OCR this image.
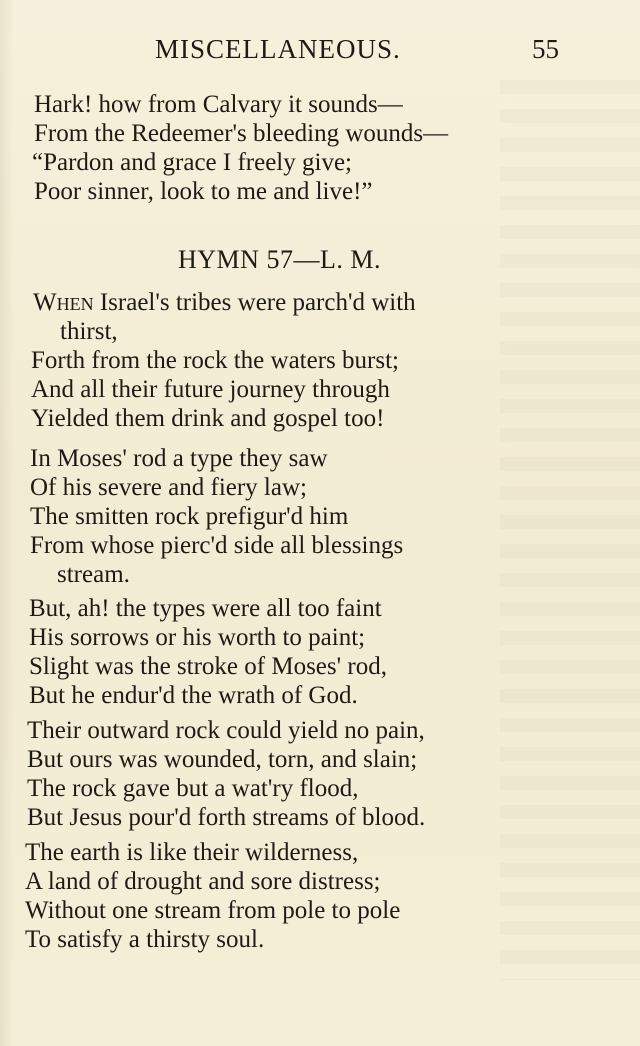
MISCELLANEOUS.	55
Hark! how from Calvary it sounds—
From the Redeemer's bleeding wounds—
“Pardon and grace I freely give;
Poor sinner, look to me and live!”
HYMN 57—L. M.
When Israel's tribes were parch'd with
thirst,
Forth from the rock the waters burst;
And all their future journey through
Yielded them drink and gospel too!
In Moses' rod a type they saw
Of his severe and fiery law;
The smitten rock prefigur'd him
From whose pierc'd side all blessings
stream.
But, ah! the types were all too faint
His sorrows or his worth to paint;
Slight was the stroke of Moses' rod,
But he endur'd the wrath of God.
Their outward rock could yield no pain,
But ours was wounded, torn, and slain;
The rock gave but a wat'ry flood,
But Jesus pour'd forth streams of blood.
The earth is like their wilderness,
A land of drought and sore distress;
Without one stream from pole to pole
To satisfy a thirsty soul.
